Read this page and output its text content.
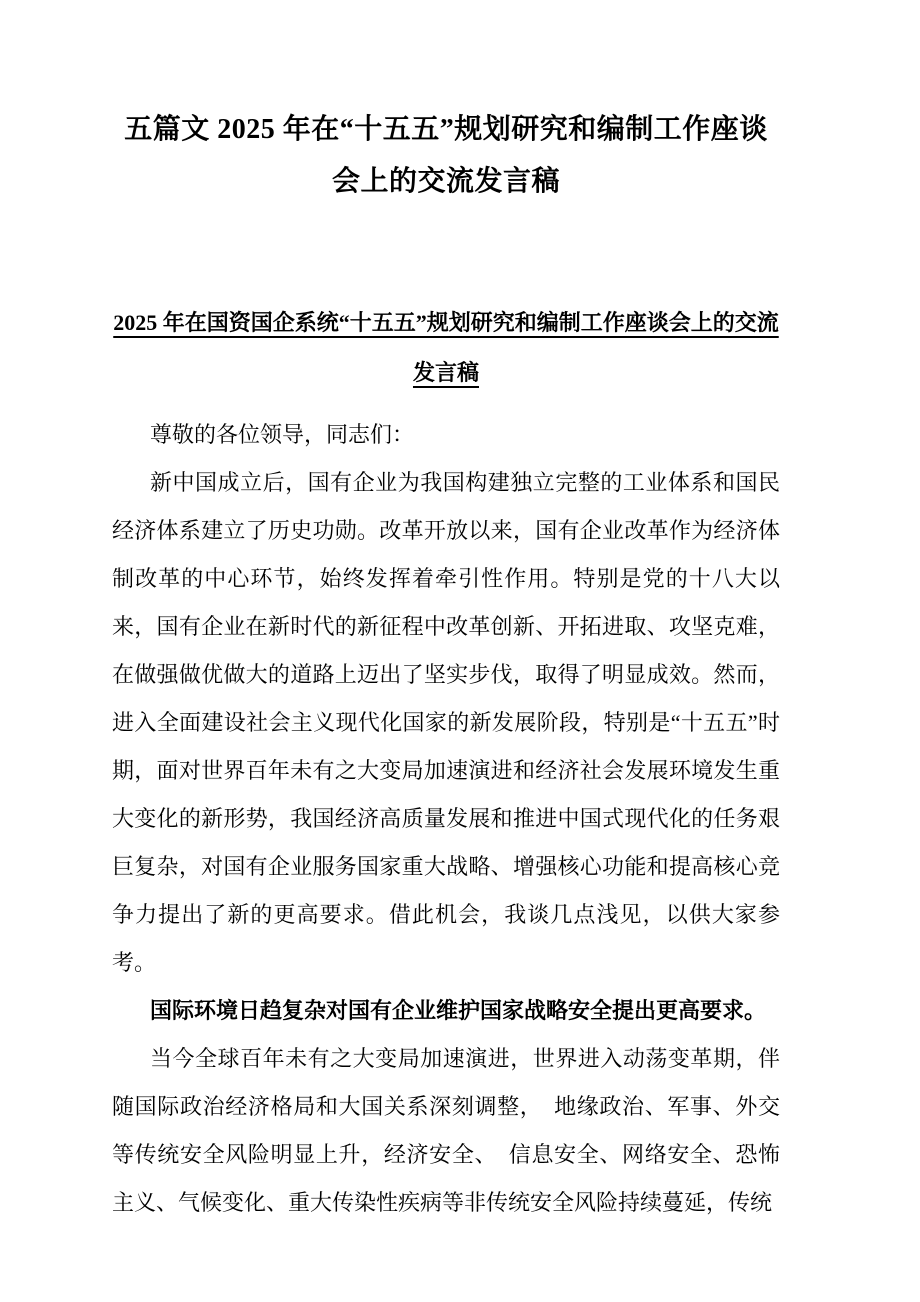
五篇文 2025 年在“十五五”规划研究和编制工作座谈会上的交流发言稿
2025 年在国资国企系统“十五五”规划研究和编制工作座谈会上的交流发言稿

尊敬的各位领导，同志们：

新中国成立后，国有企业为我国构建独立完整的工业体系和国民经济体系建立了历史功勋。改革开放以来，国有企业改革作为经济体制改革的中心环节，始终发挥着牵引性作用。特别是党的十八大以来，国有企业在新时代的新征程中改革创新、开拓进取、攻坚克难，在做强做优做大的道路上迈出了坚实步伐，取得了明显成效。然而，进入全面建设社会主义现代化国家的新发展阶段，特别是“十五五”时期，面对世界百年未有之大变局加速演进和经济社会发展环境发生重大变化的新形势，我国经济高质量发展和推进中国式现代化的任务艰巨复杂，对国有企业服务国家重大战略、增强核心功能和提高核心竞争力提出了新的更高要求。借此机会，我谈几点浅见，以供大家参考。

国际环境日趋复杂对国有企业维护国家战略安全提出更高要求。

当今全球百年未有之大变局加速演进，世界进入动荡变革期，伴随国际政治经济格局和大国关系深刻调整，　地缘政治、军事、外交等传统安全风险明显上升，经济安全、　信息安全、网络安全、恐怖主义、气候变化、重大传染性疾病等非传统安全风险持续蔓延，传统
